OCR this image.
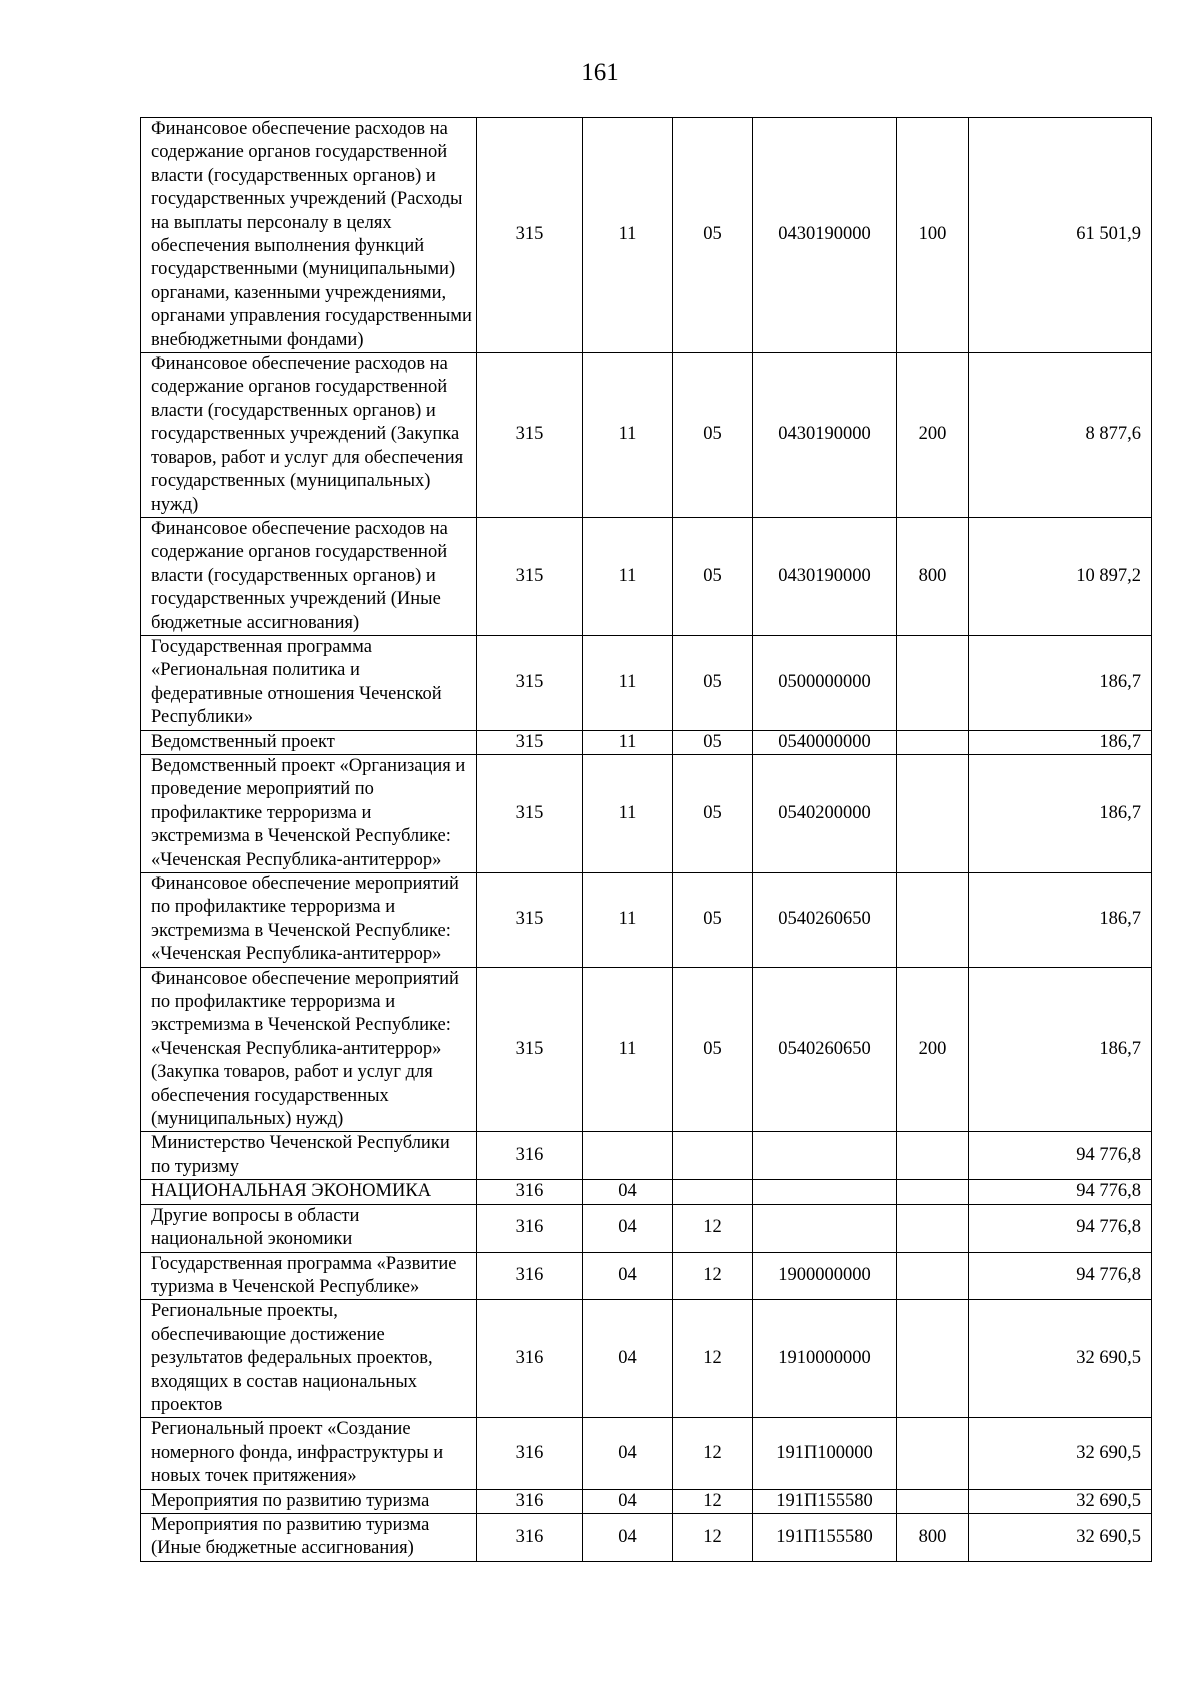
161
Финансовое обеспечение расходов на содержание органов государственной власти (государственных органов) и государственных учреждений (Расходы на выплаты персоналу в целях обеспечения выполнения функций государственными (муниципальными) органами, казенными учреждениями, органами управления государственными внебюджетными фондами)	315	11	05	0430190000	100	61 501,9
Финансовое обеспечение расходов на содержание органов государственной власти (государственных органов) и государственных учреждений (Закупка товаров, работ и услуг для обеспечения государственных (муниципальных) нужд)	315	11	05	0430190000	200	8 877,6
Финансовое обеспечение расходов на содержание органов государственной власти (государственных органов) и государственных учреждений (Иные бюджетные ассигнования)	315	11	05	0430190000	800	10 897,2
Государственная программа «Региональная политика и федеративные отношения Чеченской Республики»	315	11	05	0500000000		186,7
Ведомственный проект	315	11	05	0540000000		186,7
Ведомственный проект «Организация и проведение мероприятий по профилактике терроризма и экстремизма в Чеченской Республике: «Чеченская Республика-антитеррор»	315	11	05	0540200000		186,7
Финансовое обеспечение мероприятий по профилактике терроризма и экстремизма в Чеченской Республике: «Чеченская Республика-антитеррор»	315	11	05	0540260650		186,7
Финансовое обеспечение мероприятий по профилактике терроризма и экстремизма в Чеченской Республике: «Чеченская Республика-антитеррор» (Закупка товаров, работ и услуг для обеспечения государственных (муниципальных) нужд)	315	11	05	0540260650	200	186,7
Министерство Чеченской Республики по туризму	316					94 776,8
НАЦИОНАЛЬНАЯ ЭКОНОМИКА	316	04				94 776,8
Другие вопросы в области национальной экономики	316	04	12			94 776,8
Государственная программа «Развитие туризма в Чеченской Республике»	316	04	12	1900000000		94 776,8
Региональные проекты, обеспечивающие достижение результатов федеральных проектов, входящих в состав национальных проектов	316	04	12	1910000000		32 690,5
Региональный проект «Создание номерного фонда, инфраструктуры и новых точек притяжения»	316	04	12	191П100000		32 690,5
Мероприятия по развитию туризма	316	04	12	191П155580		32 690,5
Мероприятия по развитию туризма (Иные бюджетные ассигнования)	316	04	12	191П155580	800	32 690,5
